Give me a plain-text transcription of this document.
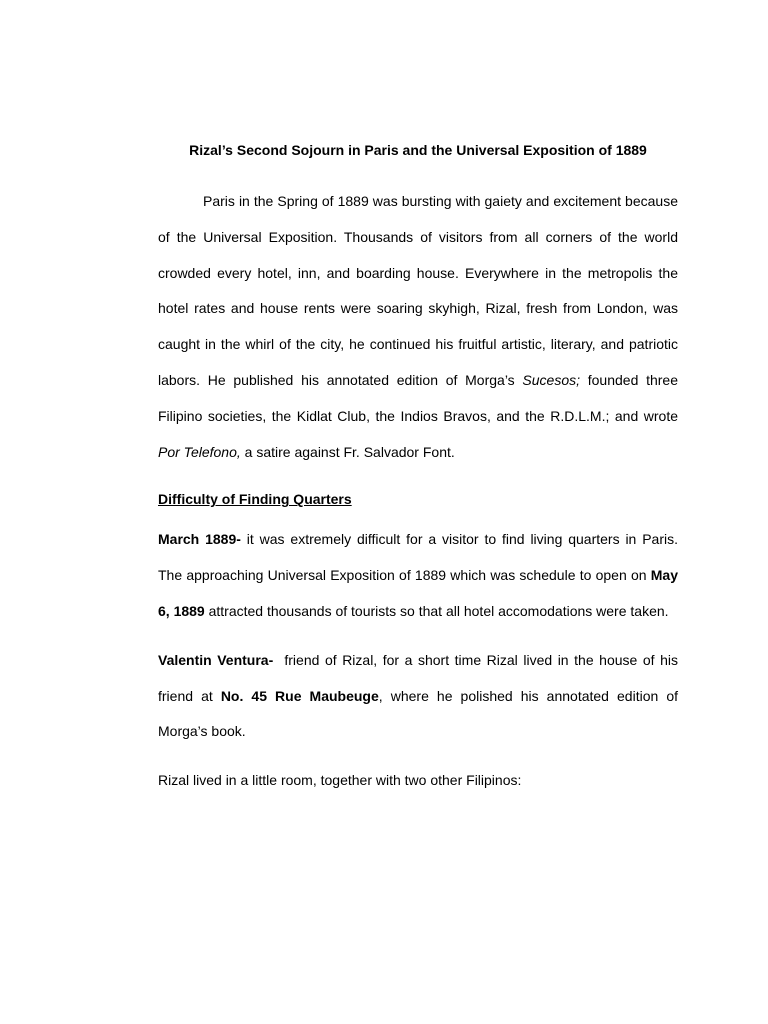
Rizal’s Second Sojourn in Paris and the Universal Exposition of 1889

Paris in the Spring of 1889 was bursting with gaiety and excitement because of the Universal Exposition. Thousands of visitors from all corners of the world crowded every hotel, inn, and boarding house. Everywhere in the metropolis the hotel rates and house rents were soaring skyhigh, Rizal, fresh from London, was caught in the whirl of the city, he continued his fruitful artistic, literary, and patriotic labors. He published his annotated edition of Morga’s Sucesos; founded three Filipino societies, the Kidlat Club, the Indios Bravos, and the R.D.L.M.; and wrote Por Telefono, a satire against Fr. Salvador Font.

Difficulty of Finding Quarters

March 1889- it was extremely difficult for a visitor to find living quarters in Paris. The approaching Universal Exposition of 1889 which was schedule to open on May 6, 1889 attracted thousands of tourists so that all hotel accomodations were taken.

Valentin Ventura-  friend of Rizal, for a short time Rizal lived in the house of his friend at No. 45 Rue Maubeuge, where he polished his annotated edition of Morga’s book.

Rizal lived in a little room, together with two other Filipinos:
